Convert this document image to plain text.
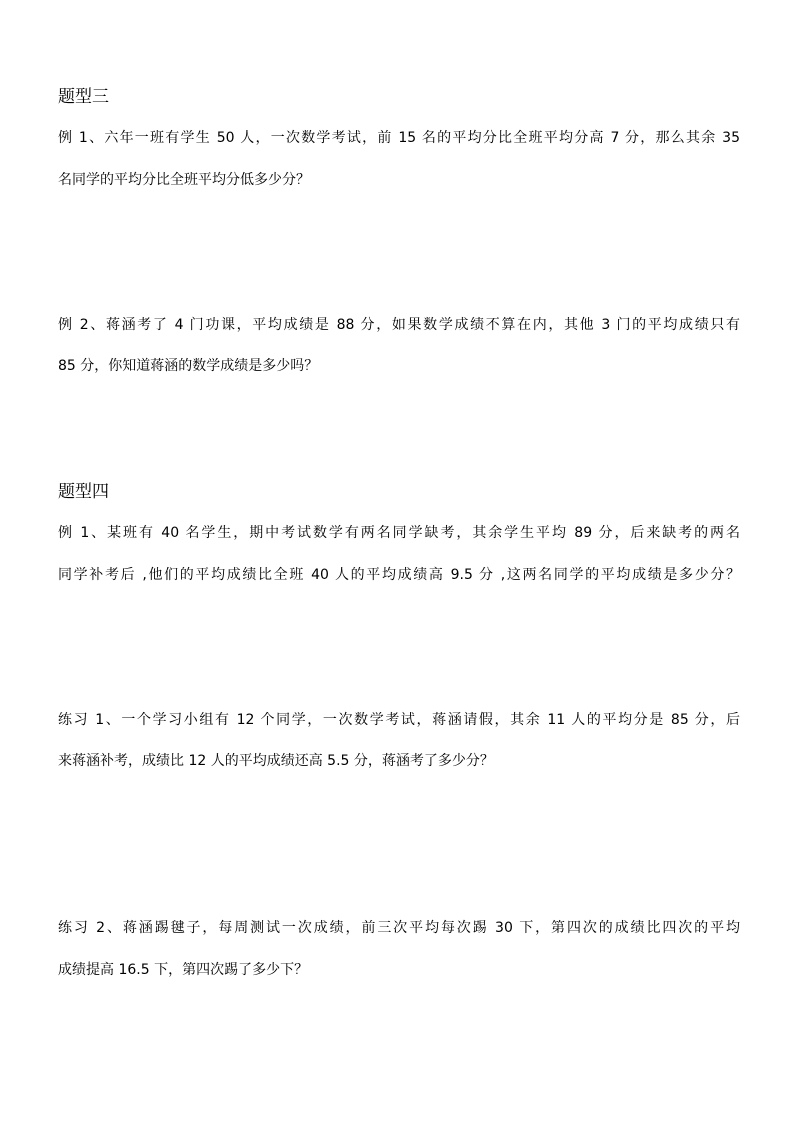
题型三
例 1、六年一班有学生 50 人，一次数学考试，前 15 名的平均分比全班平均分高 7 分，那么其余 35
名同学的平均分比全班平均分低多少分？
例 2、蒋涵考了 4 门功课，平均成绩是 88 分，如果数学成绩不算在内，其他 3 门的平均成绩只有
85 分，你知道蒋涵的数学成绩是多少吗？
题型四
例 1、某班有 40 名学生，期中考试数学有两名同学缺考，其余学生平均 89 分，后来缺考的两名
同学补考后 ,他们的平均成绩比全班 40 人的平均成绩高 9.5 分 ,这两名同学的平均成绩是多少分？
练习 1、一个学习小组有 12 个同学，一次数学考试，蒋涵请假，其余 11 人的平均分是 85 分，后
来蒋涵补考，成绩比 12 人的平均成绩还高 5.5 分，蒋涵考了多少分？
练习 2、蒋涵踢毽子，每周测试一次成绩，前三次平均每次踢 30 下，第四次的成绩比四次的平均
成绩提高 16.5 下，第四次踢了多少下？
